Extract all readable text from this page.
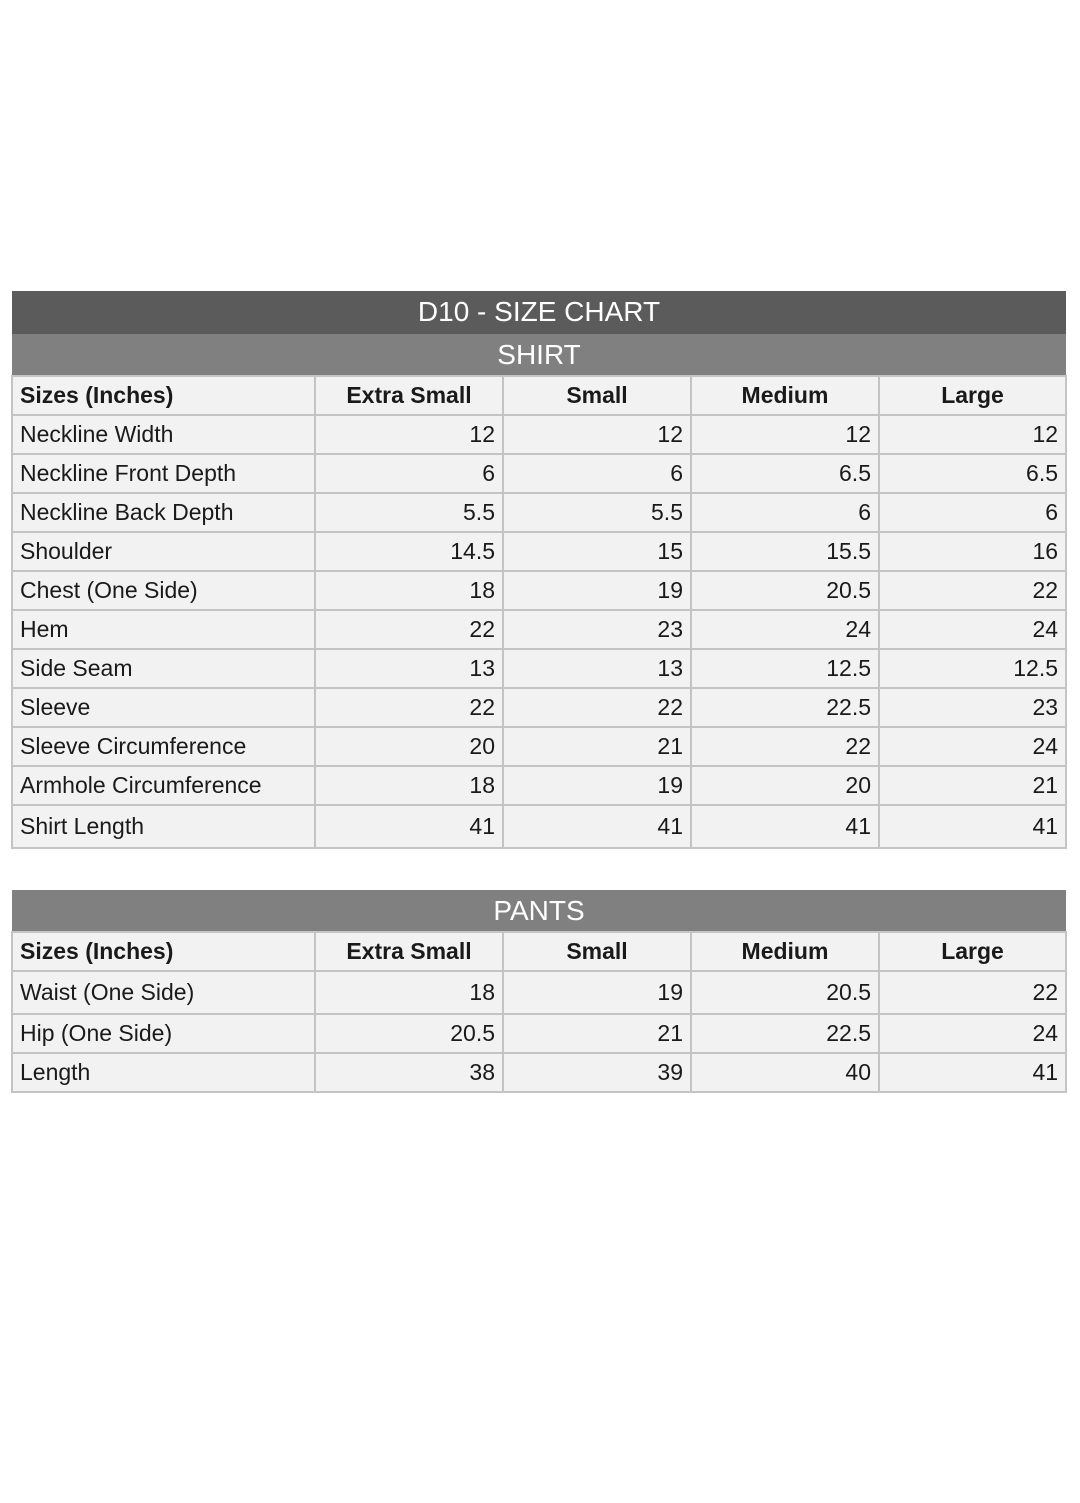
D10 - SIZE CHART				
SHIRT				
Sizes (Inches)	Extra Small	Small	Medium	Large
Neckline Width	12	12	12	12
Neckline Front Depth	6	6	6.5	6.5
Neckline Back Depth	5.5	5.5	6	6
Shoulder	14.5	15	15.5	16
Chest (One Side)	18	19	20.5	22
Hem	22	23	24	24
Side Seam	13	13	12.5	12.5
Sleeve	22	22	22.5	23
Sleeve Circumference	20	21	22	24
Armhole Circumference	18	19	20	21
Shirt Length	41	41	41	41
PANTS				
Sizes (Inches)	Extra Small	Small	Medium	Large
Waist (One Side)	18	19	20.5	22
Hip (One Side)	20.5	21	22.5	24
Length	38	39	40	41
